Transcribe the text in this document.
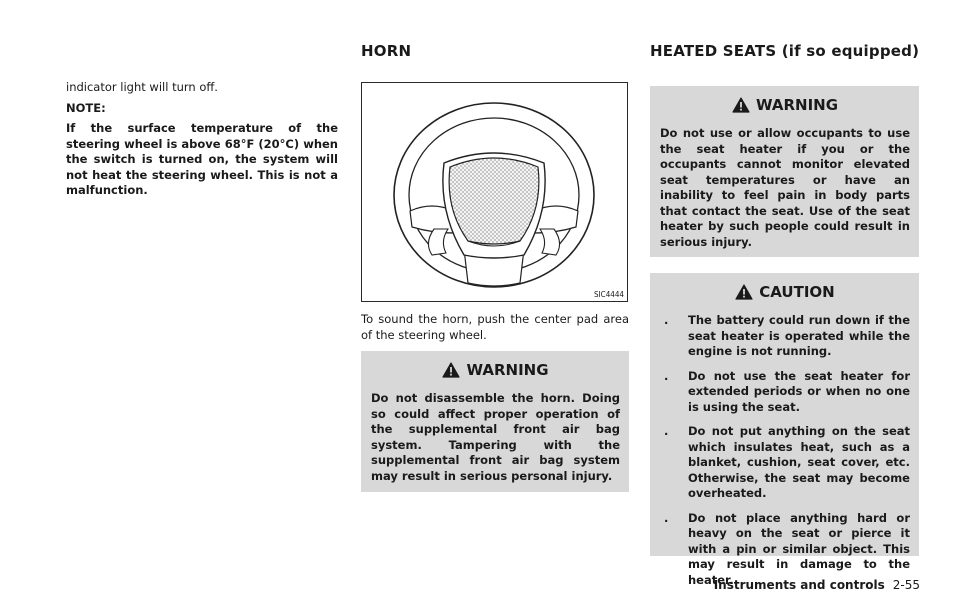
indicator light will turn off.

NOTE:

If the surface temperature of the steering wheel is above 68°F (20°C) when the switch is turned on, the system will not heat the steering wheel. This is not a malfunction.

HORN	HEATED SEATS (if so equipped)
SIC4444

To sound the horn, push the center pad area of the steering wheel.

WARNING

Do not disassemble the horn. Doing so could affect proper operation of the supplemental front air bag system. Tampering with the supplemental front air bag system may result in serious personal injury.

WARNING

Do not use or allow occupants to use the seat heater if you or the occupants cannot monitor elevated seat temperatures or have an inability to feel pain in body parts that contact the seat. Use of the seat heater by such people could result in serious injury.

CAUTION
. The battery could run down if the seat heater is operated while the engine is not running.
. Do not use the seat heater for extended periods or when no one is using the seat.
. Do not put anything on the seat which insulates heat, such as a blanket, cushion, seat cover, etc. Otherwise, the seat may become overheated.
. Do not place anything hard or heavy on the seat or pierce it with a pin or similar object. This may result in damage to the heater.
Instruments and controls 2-55
